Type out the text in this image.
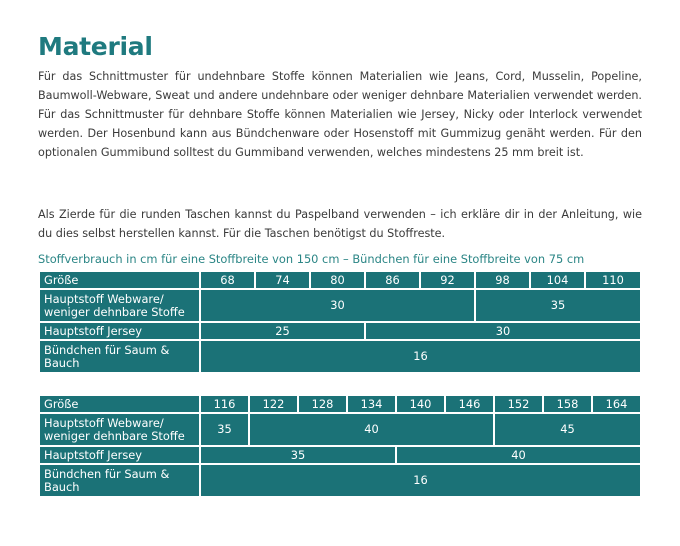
Material

Für das Schnittmuster für undehnbare Stoffe können Materialien wie Jeans, Cord, Musselin, Popeline, Baumwoll-Webware, Sweat und andere undehnbare oder weniger dehnbare Materialien verwendet werden. Für das Schnittmuster für dehnbare Stoffe können Materialien wie Jersey, Nicky oder Interlock verwendet werden. Der Hosenbund kann aus Bündchenware oder Hosenstoff mit Gummizug genäht werden. Für den optionalen Gummibund solltest du Gummiband verwenden, welches mindestens 25 mm breit ist.

Als Zierde für die runden Taschen kannst du Paspelband verwenden – ich erkläre dir in der Anleitung, wie du dies selbst herstellen kannst. Für die Taschen benötigst du Stoffreste.

Stoffverbrauch in cm für eine Stoffbreite von 150 cm – Bündchen für eine Stoffbreite von 75 cm
Größe	68	74	80	86	92	98	104	110
Hauptstoff Webware/ weniger dehnbare Stoffe	30					35		
Hauptstoff Jersey	25			30				
Bündchen für Saum & Bauch	16							
Größe	116	122	128	134	140	146	152	158	164
Hauptstoff Webware/ weniger dehnbare Stoffe	35	40					45		
Hauptstoff Jersey	35				40				
Bündchen für Saum & Bauch	16								
